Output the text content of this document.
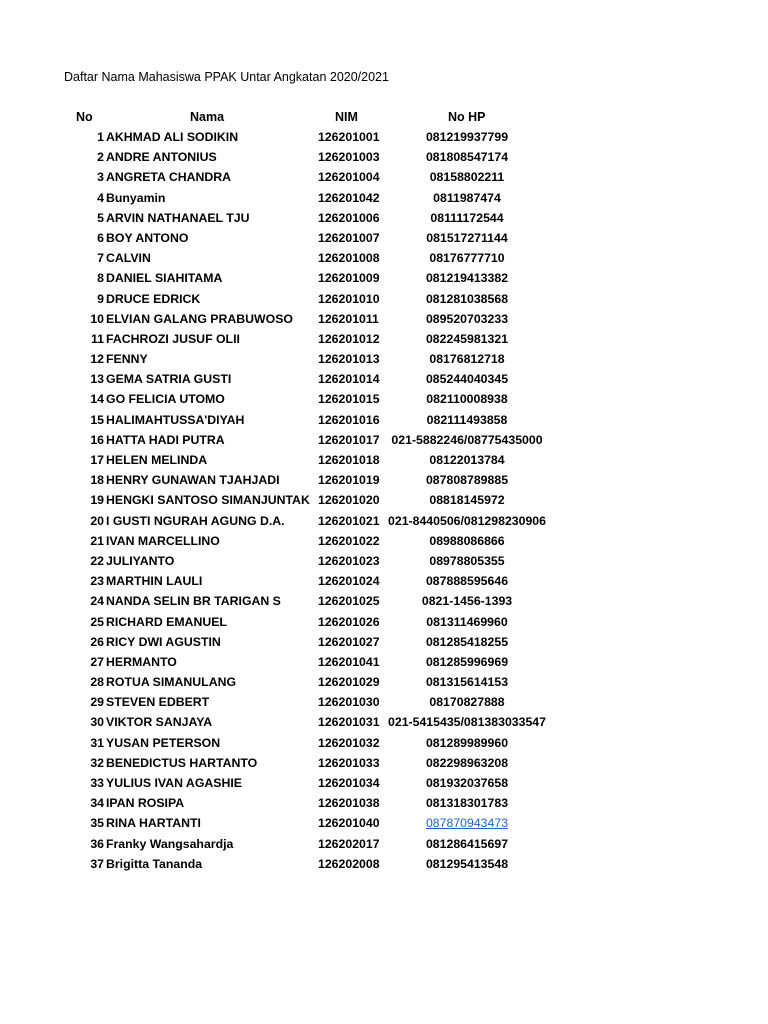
Daftar Nama Mahasiswa PPAK Untar Angkatan 2020/2021
No	Nama	NIM	No HP
1 AKHMAD ALI SODIKIN	126201001	081219937799
2 ANDRE ANTONIUS	126201003	081808547174
3 ANGRETA CHANDRA	126201004	08158802211
4 Bunyamin	126201042	0811987474
5 ARVIN NATHANAEL TJU	126201006	08111172544
6 BOY ANTONO	126201007	081517271144
7 CALVIN	126201008	08176777710
8 DANIEL SIAHITAMA	126201009	081219413382
9 DRUCE EDRICK	126201010	081281038568
10 ELVIAN GALANG PRABUWOSO 126201011	089520703233
11 FACHROZI JUSUF OLII	126201012	082245981321
12 FENNY	126201013	08176812718
13 GEMA SATRIA GUSTI	126201014	085244040345
14 GO FELICIA UTOMO	126201015	082110008938
15 HALIMAHTUSSA'DIYAH	126201016	082111493858
16 HATTA HADI PUTRA	126201017 021-5882246/08775435000
17 HELEN MELINDA	126201018	08122013784
18 HENRY GUNAWAN TJAHJADI	126201019	087808789885
19 HENGKI SANTOSO SIMANJUNTAK 126201020	08818145972
20 I GUSTI NGURAH AGUNG D.A.	126201021 021-8440506/081298230906
21 IVAN MARCELLINO	126201022	08988086866
22 JULIYANTO	126201023	08978805355
23 MARTHIN LAULI	126201024	087888595646
24 NANDA SELIN BR TARIGAN S	126201025	0821-1456-1393
25 RICHARD EMANUEL	126201026	081311469960
26 RICY DWI AGUSTIN	126201027	081285418255
27 HERMANTO	126201041	081285996969
28 ROTUA SIMANULANG	126201029	081315614153
29 STEVEN EDBERT	126201030	08170827888
30 VIKTOR SANJAYA	126201031 021-5415435/081383033547
31 YUSAN PETERSON	126201032	081289989960
32 BENEDICTUS HARTANTO	126201033	082298963208
33 YULIUS IVAN AGASHIE	126201034	081932037658
34 IPAN ROSIPA	126201038	081318301783
35 RINA HARTANTI	126201040	087870943473
36 Franky Wangsahardja	126202017	081286415697
37 Brigitta Tananda	126202008	081295413548
